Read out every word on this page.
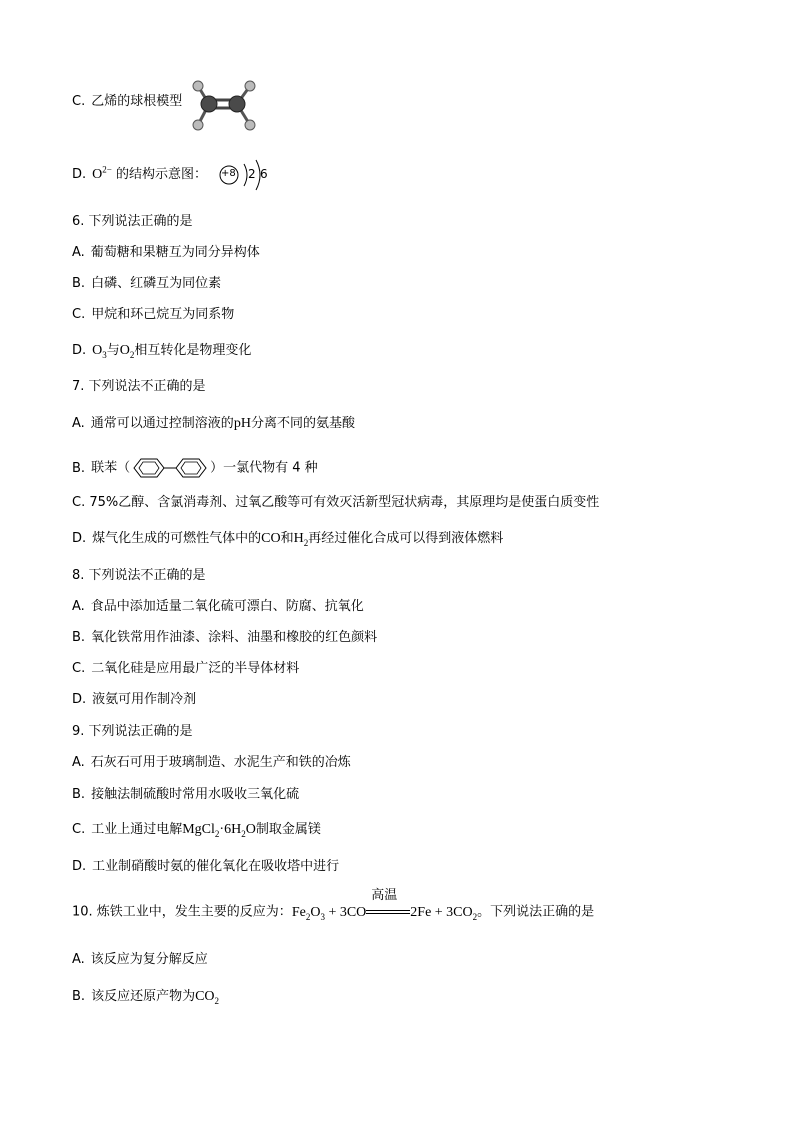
C. 乙烯的球根模型
D. $O^{2-}$ 的结构示意图： +8 2 6
6. 下列说法正确的是
A. 葡萄糖和果糖互为同分异构体
B. 白磷、红磷互为同位素
C. 甲烷和环己烷互为同系物
D. $O_3$与$O_2$相互转化是物理变化
7. 下列说法不正确的是
A. 通常可以通过控制溶液的pH分离不同的氨基酸
B. 联苯（	）一氯代物有 4 种
C. 75%乙醇、含氯消毒剂、过氧乙酸等可有效灭活新型冠状病毒，其原理均是使蛋白质变性
D. 煤气化生成的可燃性气体中的CO和$H_2$再经过催化合成可以得到液体燃料
8. 下列说法不正确的是
A. 食品中添加适量二氧化硫可漂白、防腐、抗氧化
B. 氧化铁常用作油漆、涂料、油墨和橡胶的红色颜料
C. 二氧化硅是应用最广泛的半导体材料
D. 液氨可用作制冷剂
9. 下列说法正确的是
A. 石灰石可用于玻璃制造、水泥生产和铁的冶炼
B. 接触法制硫酸时常用水吸收三氧化硫
C. 工业上通过电解$MgCl_2\cdot 6H_2O$制取金属镁
D. 工业制硝酸时氨的催化氧化在吸收塔中进行
10. 炼铁工业中，发生主要的反应为：$Fe_2O_3 + 3CO$
高温
$2Fe + 3CO_2$。下列说法正确的是
A. 该反应为复分解反应
B. 该反应还原产物为$CO_2$
